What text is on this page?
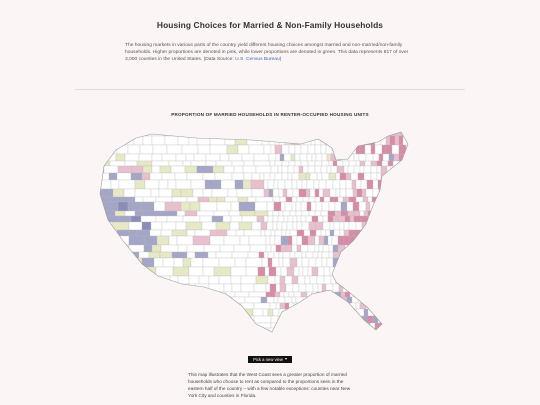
Housing Choices for Married & Non-Family Households
The housing markets in various parts of the country yield different housing choices amongst married and non-married/non-family households. Higher proportions are denoted in pink, while lower proportions are denoted in green. This data represents 817 of over 3,000 counties in the United States. (Data Source: U.S. Census Bureau)
PROPORTION OF MARRIED HOUSEHOLDS IN RENTER-OCCUPIED HOUSING UNITS
Pick a new view
This map illustrates that the West Coast sees a greater proportion of married households who choose to rent as compared to the proportions seen in the eastern half of the country – with a few notable exceptions: counties near New York City and counties in Florida.
